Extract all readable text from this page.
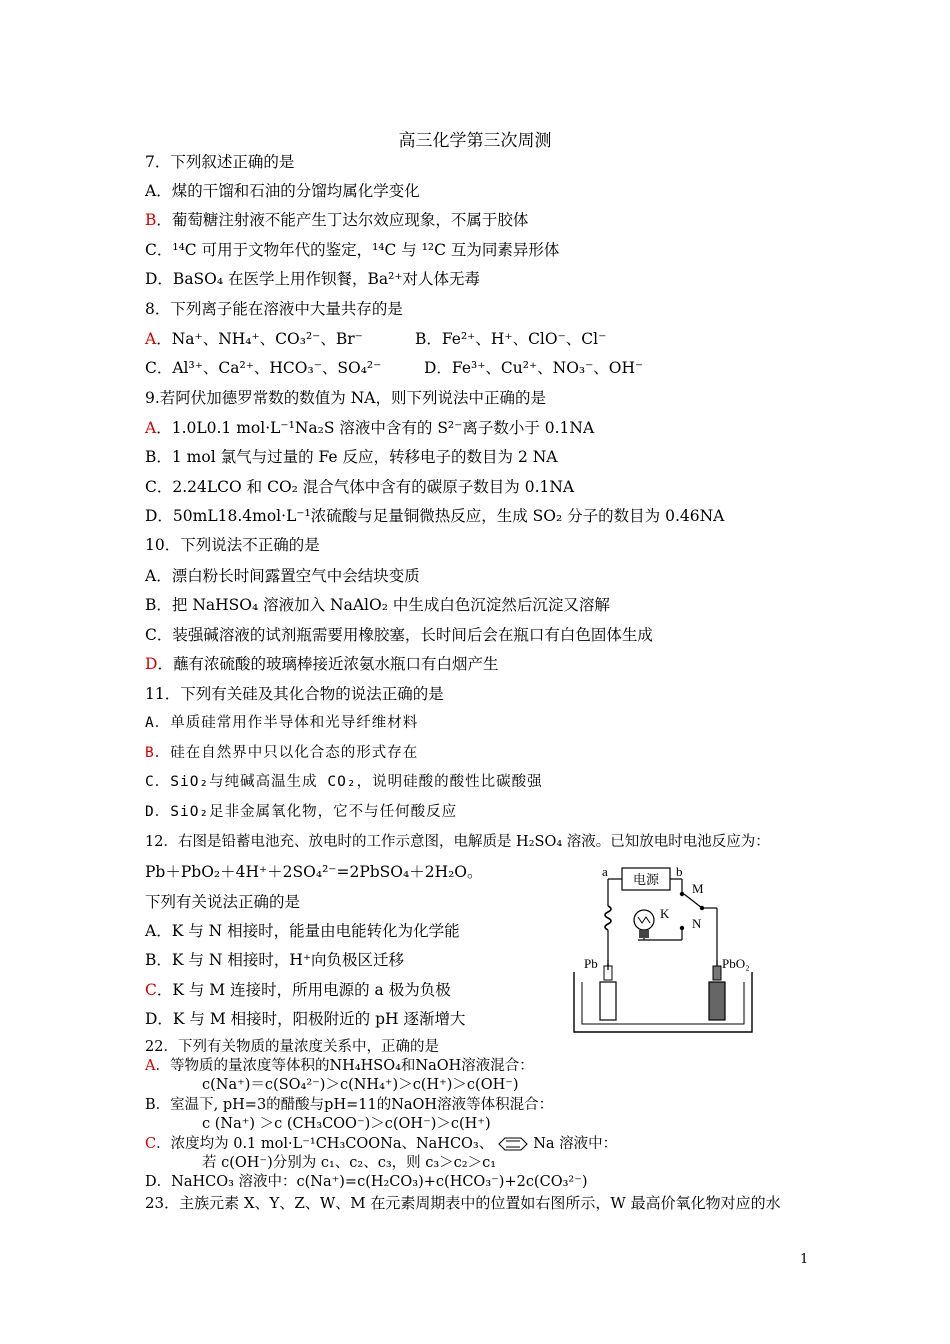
高三化学第三次周测
7．下列叙述正确的是
A．煤的干馏和石油的分馏均属化学变化
B．葡萄糖注射液不能产生丁达尔效应现象，不属于胶体
C．¹⁴C 可用于文物年代的鉴定，¹⁴C 与 ¹²C 互为同素异形体
D．BaSO₄ 在医学上用作钡餐，Ba²⁺对人体无毒
8．下列离子能在溶液中大量共存的是
A．Na⁺、NH₄⁺、CO₃²⁻、Br⁻	B．Fe²⁺、H⁺、ClO⁻、Cl⁻
C．Al³⁺、Ca²⁺、HCO₃⁻、SO₄²⁻	D．Fe³⁺、Cu²⁺、NO₃⁻、OH⁻
9.若阿伏加德罗常数的数值为 NA，则下列说法中正确的是
A．1.0L0.1 mol·L⁻¹Na₂S 溶液中含有的 S²⁻离子数小于 0.1NA
B．1 mol 氯气与过量的 Fe 反应，转移电子的数目为 2 NA
C．2.24LCO 和 CO₂ 混合气体中含有的碳原子数目为 0.1NA
D．50mL18.4mol·L⁻¹浓硫酸与足量铜微热反应，生成 SO₂ 分子的数目为 0.46NA
10．下列说法不正确的是
A．漂白粉长时间露置空气中会结块变质
B．把 NaHSO₄ 溶液加入 NaAlO₂ 中生成白色沉淀然后沉淀又溶解
C．装强碱溶液的试剂瓶需要用橡胶塞，长时间后会在瓶口有白色固体生成
D．蘸有浓硫酸的玻璃棒接近浓氨水瓶口有白烟产生
11．下列有关硅及其化合物的说法正确的是
A．单质硅常用作半导体和光导纤维材料
B．硅在自然界中只以化合态的形式存在
C．SiO₂与纯碱高温生成 CO₂，说明硅酸的酸性比碳酸强
D．SiO₂足非金属氧化物，它不与任何酸反应
12．右图是铅蓄电池充、放电时的工作示意图，电解质是 H₂SO₄ 溶液。已知放电时电池反应为：
Pb＋PbO₂＋4H⁺＋2SO₄²⁻=2PbSO₄＋2H₂O。
下列有关说法正确的是
A．K 与 N 相接时，能量由电能转化为化学能
B．K 与 N 相接时，H⁺向负极区迁移
C．K 与 M 连接时，所用电源的 a 极为负极
D．K 与 M 相接时，阳极附近的 pH 逐渐增大
电源
a	b
M
K
N
Pb	PbO₂
22．下列有关物质的量浓度关系中，正确的是
A．等物质的量浓度等体积的NH₄HSO₄和NaOH溶液混合：
c(Na⁺)＝c(SO₄²⁻)＞c(NH₄⁺)＞c(H⁺)＞c(OH⁻)
B．室温下, pH=3的醋酸与pH=11的NaOH溶液等体积混合：
c (Na⁺) ＞c (CH₃COO⁻)＞c(OH⁻)＞c(H⁺)
C．浓度均为 0.1 mol·L⁻¹CH₃COONa、NaHCO₃、	Na 溶液中：
若 c(OH⁻)分别为 c₁、c₂、c₃，则 c₃＞c₂＞c₁
D．NaHCO₃ 溶液中：c(Na⁺)=c(H₂CO₃)+c(HCO₃⁻)+2c(CO₃²⁻)
23．主族元素 X、Y、Z、W、M 在元素周期表中的位置如右图所示，W 最高价氧化物对应的水
1
